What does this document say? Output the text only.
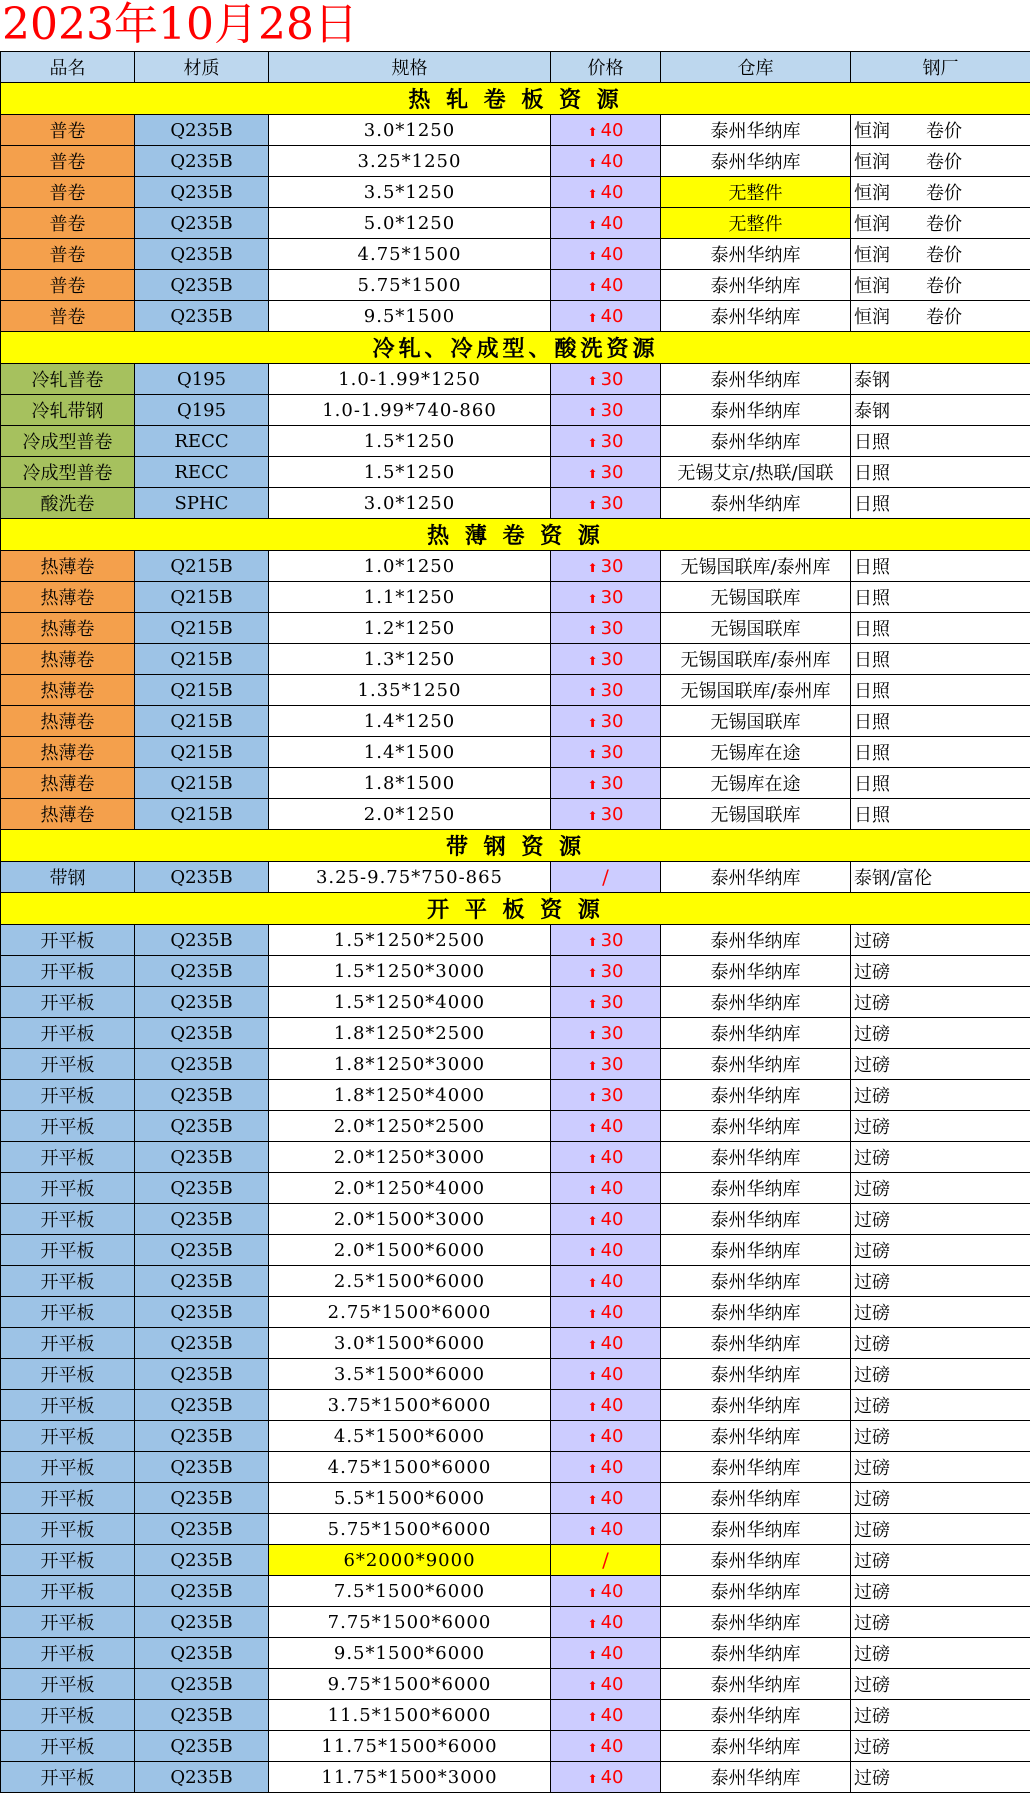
2023年10月28日
品名	材质	规格	价格	仓库	钢厂
热 轧 卷 板 资 源					
普卷	Q235B	3.0*1250	⬆ 40	泰州华纳库	恒润　　卷价
普卷	Q235B	3.25*1250	⬆ 40	泰州华纳库	恒润　　卷价
普卷	Q235B	3.5*1250	⬆ 40	无整件	恒润　　卷价
普卷	Q235B	5.0*1250	⬆ 40	无整件	恒润　　卷价
普卷	Q235B	4.75*1500	⬆ 40	泰州华纳库	恒润　　卷价
普卷	Q235B	5.75*1500	⬆ 40	泰州华纳库	恒润　　卷价
普卷	Q235B	9.5*1500	⬆ 40	泰州华纳库	恒润　　卷价
冷轧、冷成型、酸洗资源					
冷轧普卷	Q195	1.0-1.99*1250	⬆ 30	泰州华纳库	泰钢
冷轧带钢	Q195	1.0-1.99*740-860	⬆ 30	泰州华纳库	泰钢
冷成型普卷	RECC	1.5*1250	⬆ 30	泰州华纳库	日照
冷成型普卷	RECC	1.5*1250	⬆ 30	无锡艾京/热联/国联	日照
酸洗卷	SPHC	3.0*1250	⬆ 30	泰州华纳库	日照
热 薄 卷 资 源					
热薄卷	Q215B	1.0*1250	⬆ 30	无锡国联库/泰州库	日照
热薄卷	Q215B	1.1*1250	⬆ 30	无锡国联库	日照
热薄卷	Q215B	1.2*1250	⬆ 30	无锡国联库	日照
热薄卷	Q215B	1.3*1250	⬆ 30	无锡国联库/泰州库	日照
热薄卷	Q215B	1.35*1250	⬆ 30	无锡国联库/泰州库	日照
热薄卷	Q215B	1.4*1250	⬆ 30	无锡国联库	日照
热薄卷	Q215B	1.4*1500	⬆ 30	无锡库在途	日照
热薄卷	Q215B	1.8*1500	⬆ 30	无锡库在途	日照
热薄卷	Q215B	2.0*1250	⬆ 30	无锡国联库	日照
带 钢 资 源					
带钢	Q235B	3.25-9.75*750-865	/	泰州华纳库	泰钢/富伦
开 平 板 资 源					
开平板	Q235B	1.5*1250*2500	⬆ 30	泰州华纳库	过磅
开平板	Q235B	1.5*1250*3000	⬆ 30	泰州华纳库	过磅
开平板	Q235B	1.5*1250*4000	⬆ 30	泰州华纳库	过磅
开平板	Q235B	1.8*1250*2500	⬆ 30	泰州华纳库	过磅
开平板	Q235B	1.8*1250*3000	⬆ 30	泰州华纳库	过磅
开平板	Q235B	1.8*1250*4000	⬆ 30	泰州华纳库	过磅
开平板	Q235B	2.0*1250*2500	⬆ 40	泰州华纳库	过磅
开平板	Q235B	2.0*1250*3000	⬆ 40	泰州华纳库	过磅
开平板	Q235B	2.0*1250*4000	⬆ 40	泰州华纳库	过磅
开平板	Q235B	2.0*1500*3000	⬆ 40	泰州华纳库	过磅
开平板	Q235B	2.0*1500*6000	⬆ 40	泰州华纳库	过磅
开平板	Q235B	2.5*1500*6000	⬆ 40	泰州华纳库	过磅
开平板	Q235B	2.75*1500*6000	⬆ 40	泰州华纳库	过磅
开平板	Q235B	3.0*1500*6000	⬆ 40	泰州华纳库	过磅
开平板	Q235B	3.5*1500*6000	⬆ 40	泰州华纳库	过磅
开平板	Q235B	3.75*1500*6000	⬆ 40	泰州华纳库	过磅
开平板	Q235B	4.5*1500*6000	⬆ 40	泰州华纳库	过磅
开平板	Q235B	4.75*1500*6000	⬆ 40	泰州华纳库	过磅
开平板	Q235B	5.5*1500*6000	⬆ 40	泰州华纳库	过磅
开平板	Q235B	5.75*1500*6000	⬆ 40	泰州华纳库	过磅
开平板	Q235B	6*2000*9000	/	泰州华纳库	过磅
开平板	Q235B	7.5*1500*6000	⬆ 40	泰州华纳库	过磅
开平板	Q235B	7.75*1500*6000	⬆ 40	泰州华纳库	过磅
开平板	Q235B	9.5*1500*6000	⬆ 40	泰州华纳库	过磅
开平板	Q235B	9.75*1500*6000	⬆ 40	泰州华纳库	过磅
开平板	Q235B	11.5*1500*6000	⬆ 40	泰州华纳库	过磅
开平板	Q235B	11.75*1500*6000	⬆ 40	泰州华纳库	过磅
开平板	Q235B	11.75*1500*3000	⬆ 40	泰州华纳库	过磅
